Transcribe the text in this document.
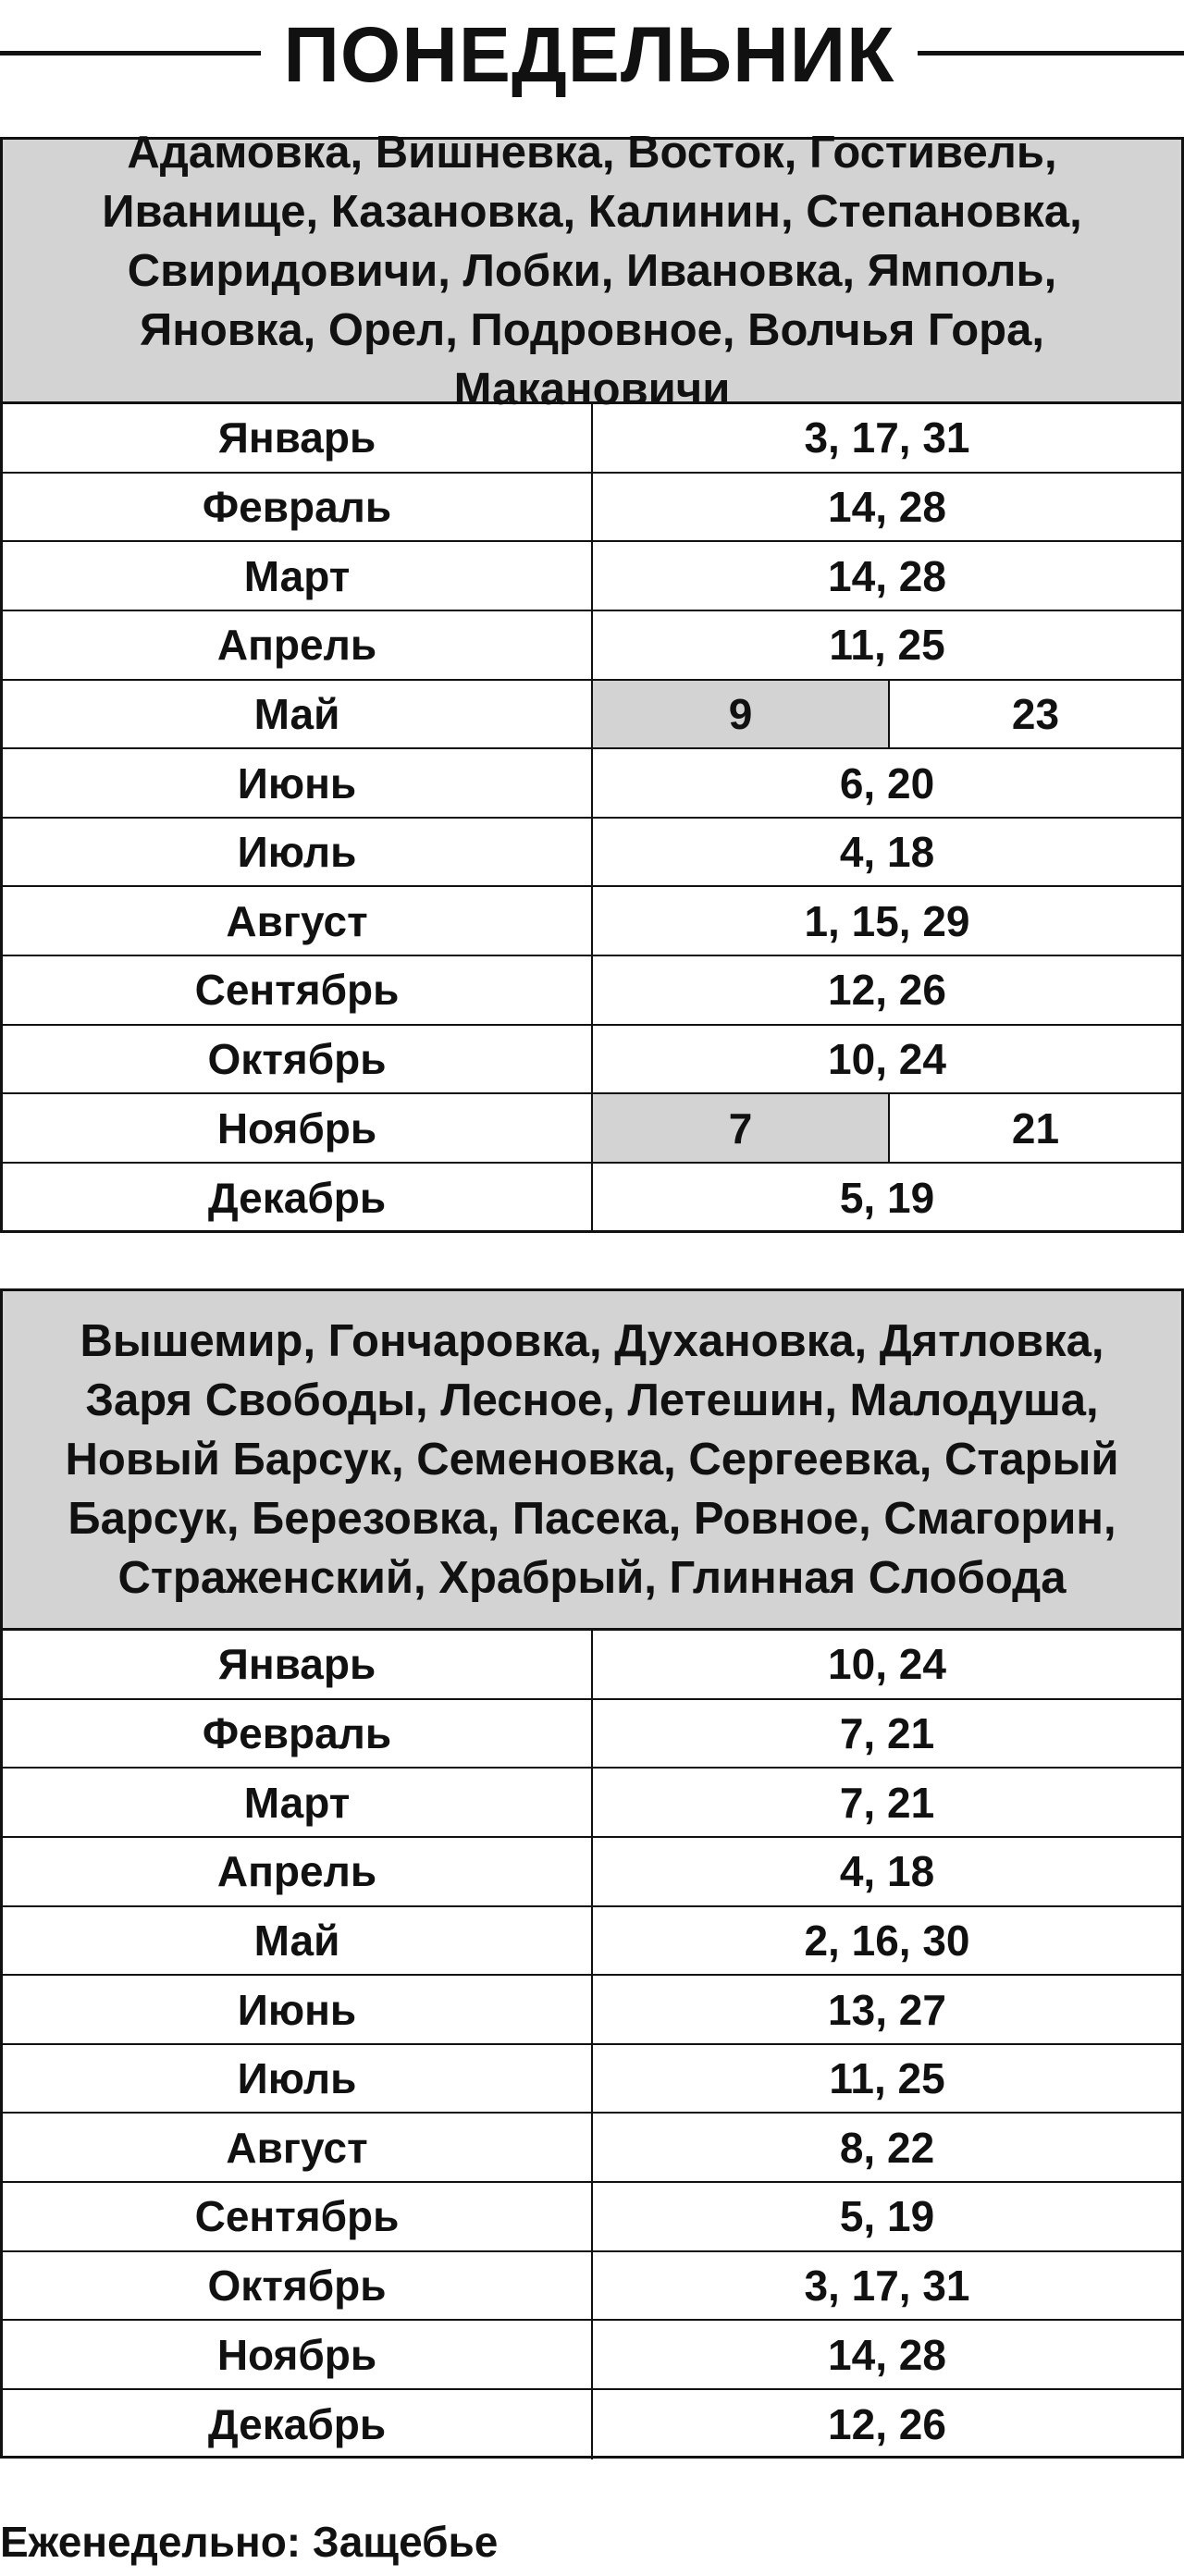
ПОНЕДЕЛЬНИК
Адамовка, Вишневка, Восток, Гостивель, Иванище, Казановка, Калинин, Степановка, Свиридовичи, Лобки, Ивановка, Ямполь, Яновка, Орел, Подровное, Волчья Гора, Макановичи
Январь	3, 17, 31
Февраль	14, 28
Март	14, 28
Апрель	11, 25
Май	9	23
Июнь	6, 20
Июль	4, 18
Август	1, 15, 29
Сентябрь	12, 26
Октябрь	10, 24
Ноябрь	7	21
Декабрь	5, 19
Вышемир, Гончаровка, Духановка, Дятловка, Заря Свободы, Лесное, Летешин, Малодуша, Новый Барсук, Семеновка, Сергеевка, Старый Барсук, Березовка, Пасека, Ровное, Смагорин, Страженский, Храбрый, Глинная Слобода
Январь	10, 24
Февраль	7, 21
Март	7, 21
Апрель	4, 18
Май	2, 16, 30
Июнь	13, 27
Июль	11, 25
Август	8, 22
Сентябрь	5, 19
Октябрь	3, 17, 31
Ноябрь	14, 28
Декабрь	12, 26
Еженедельно: Защебье
